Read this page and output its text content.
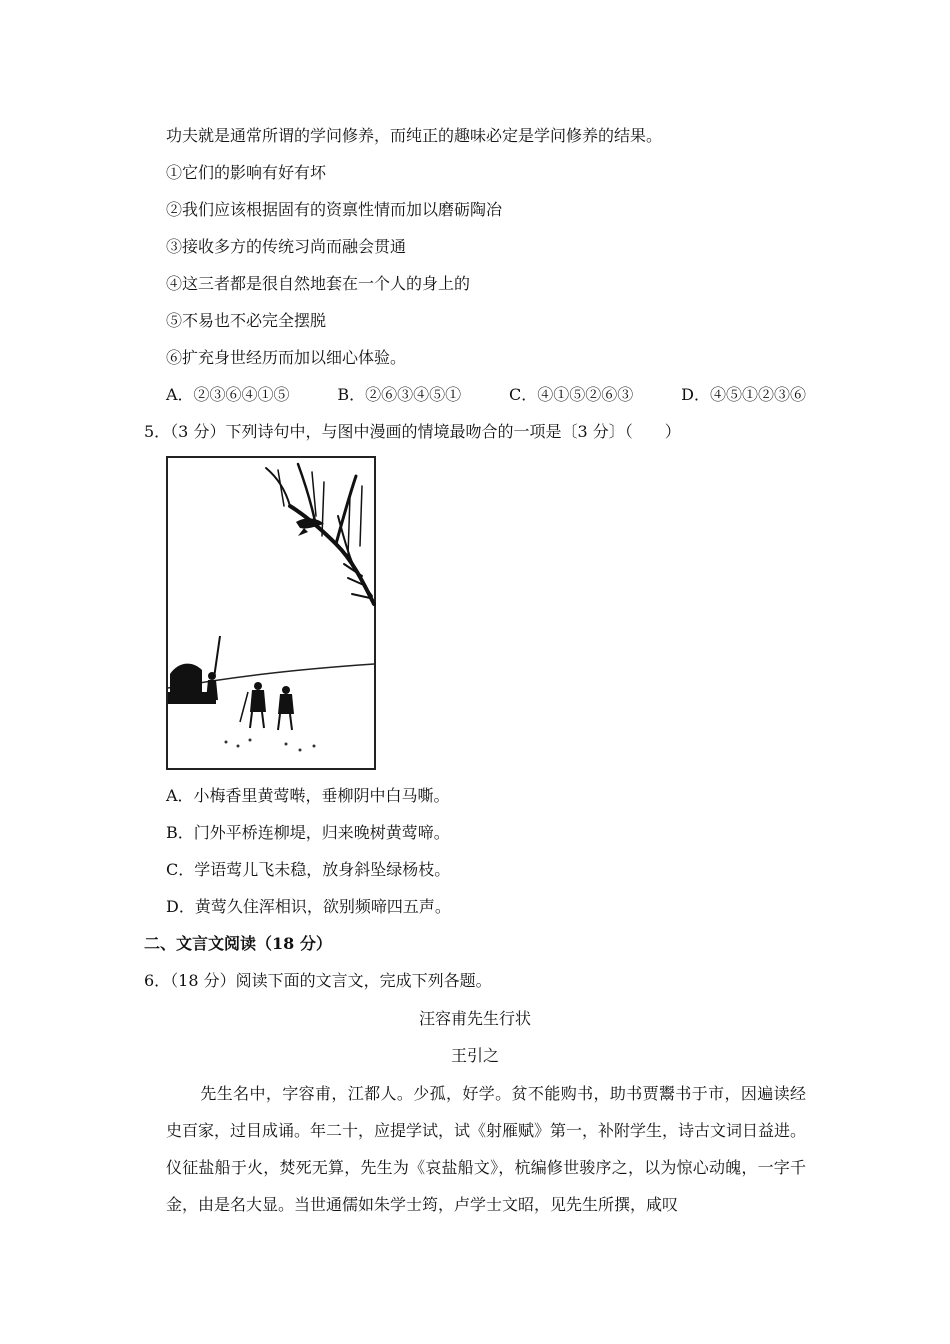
功夫就是通常所谓的学问修养，而纯正的趣味必定是学问修养的结果。
①它们的影响有好有坏
②我们应该根据固有的资禀性情而加以磨砺陶冶
③接收多方的传统习尚而融会贯通
④这三者都是很自然地套在一个人的身上的
⑤不易也不必完全摆脱
⑥扩充身世经历而加以细心体验。
A．②③⑥④①⑤	B．②⑥③④⑤①	C．④①⑤②⑥③	D．④⑤①②③⑥
5．（3 分）下列诗句中，与图中漫画的情境最吻合的一项是〔3 分〕（　　）
A．小梅香里黄莺啭，垂柳阴中白马嘶。
B．门外平桥连柳堤，归来晚树黄莺啼。
C．学语莺儿飞未稳，放身斜坠绿杨枝。
D．黄莺久住浑相识，欲别频啼四五声。
二、文言文阅读（18 分）
6．（18 分）阅读下面的文言文，完成下列各题。
汪容甫先生行状
王引之
先生名中，字容甫，江都人。少孤，好学。贫不能购书，助书贾鬻书于市，因遍读经史百家，过目成诵。年二十，应提学试，试《射雁赋》第一，补附学生，诗古文词日益进。仪征盐船于火，焚死无算，先生为《哀盐船文》，杭编修世骏序之，以为惊心动魄，一字千金，由是名大显。当世通儒如朱学士筠，卢学士文昭，见先生所撰，咸叹
